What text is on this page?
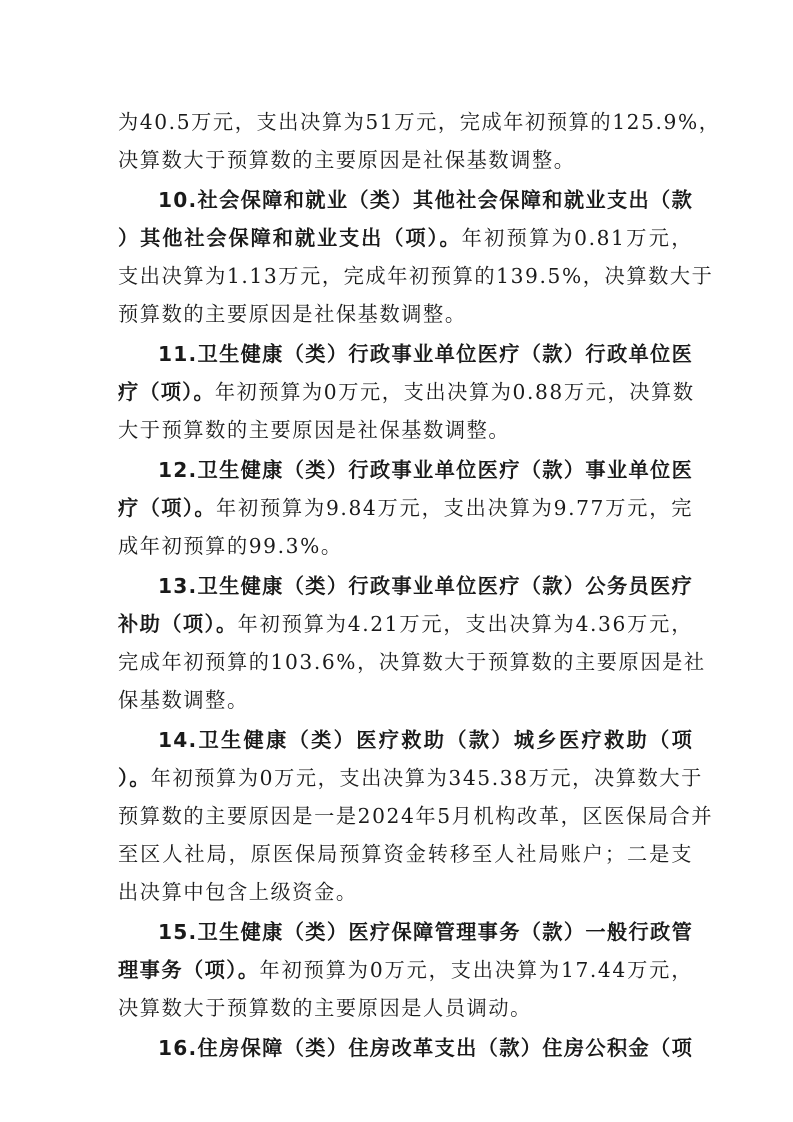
为40.5万元，支出决算为51万元，完成年初预算的125.9%，
决算数大于预算数的主要原因是社保基数调整。
10.社会保障和就业（类）其他社会保障和就业支出（款
）其他社会保障和就业支出（项）。年初预算为0.81万元，
支出决算为1.13万元，完成年初预算的139.5%，决算数大于
预算数的主要原因是社保基数调整。
11.卫生健康（类）行政事业单位医疗（款）行政单位医
疗（项）。年初预算为0万元，支出决算为0.88万元，决算数
大于预算数的主要原因是社保基数调整。
12.卫生健康（类）行政事业单位医疗（款）事业单位医
疗（项）。年初预算为9.84万元，支出决算为9.77万元，完
成年初预算的99.3%。
13.卫生健康（类）行政事业单位医疗（款）公务员医疗
补助（项）。年初预算为4.21万元，支出决算为4.36万元，
完成年初预算的103.6%，决算数大于预算数的主要原因是社
保基数调整。
14.卫生健康（类）医疗救助（款）城乡医疗救助（项
）。年初预算为0万元，支出决算为345.38万元，决算数大于
预算数的主要原因是一是2024年5月机构改革，区医保局合并
至区人社局，原医保局预算资金转移至人社局账户；二是支
出决算中包含上级资金。
15.卫生健康（类）医疗保障管理事务（款）一般行政管
理事务（项）。年初预算为0万元，支出决算为17.44万元，
决算数大于预算数的主要原因是人员调动。
16.住房保障（类）住房改革支出（款）住房公积金（项
